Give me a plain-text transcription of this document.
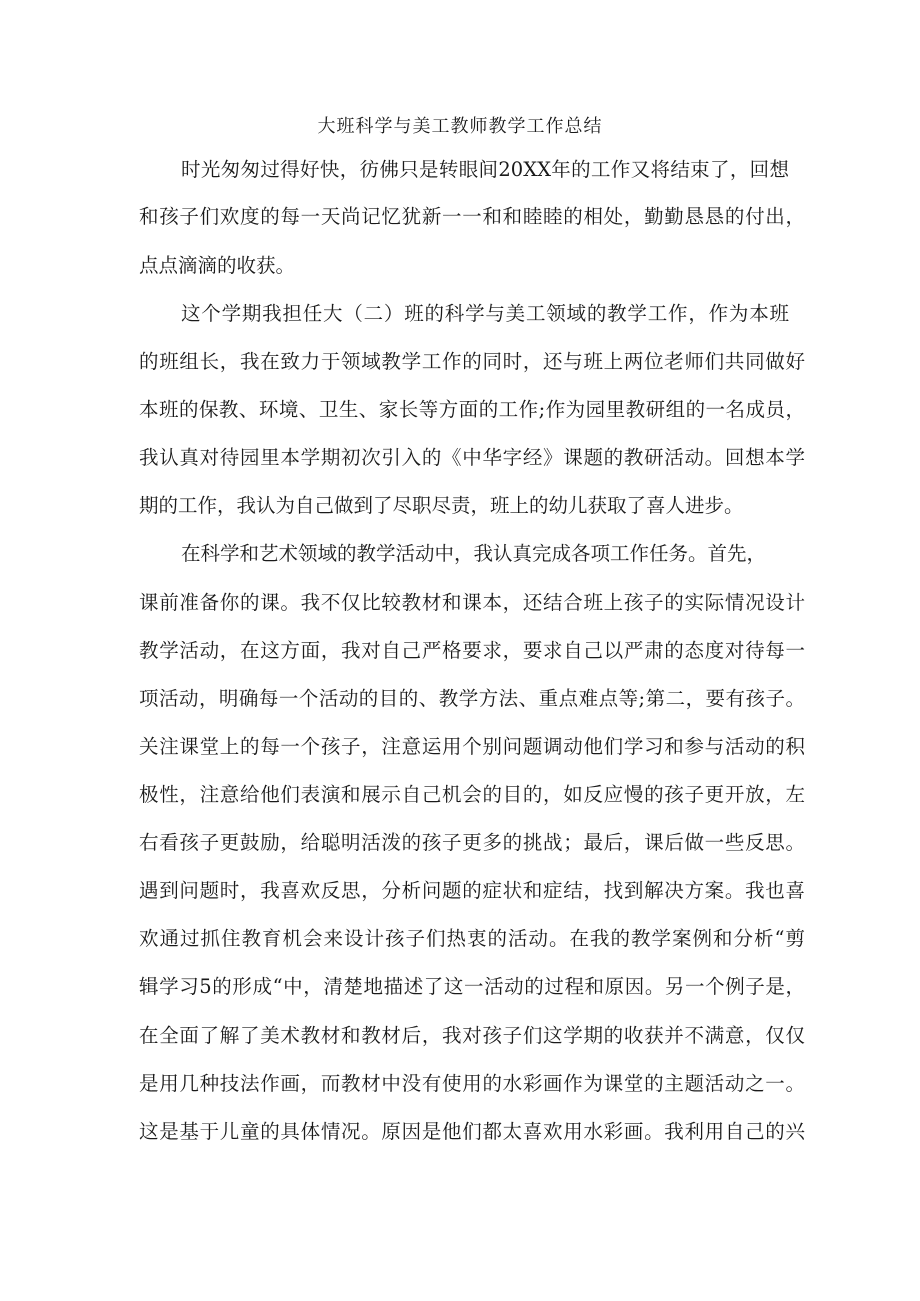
大班科学与美工教师教学工作总结
时光匆匆过得好快，彷佛只是转眼间20XX年的工作又将结束了，回想
和孩子们欢度的每一天尚记忆犹新一一和和睦睦的相处，勤勤恳恳的付出，
点点滴滴的收获。
这个学期我担任大（二）班的科学与美工领域的教学工作，作为本班
的班组长，我在致力于领域教学工作的同时，还与班上两位老师们共同做好
本班的保教、环境、卫生、家长等方面的工作;作为园里教研组的一名成员，
我认真对待园里本学期初次引入的《中华字经》课题的教研活动。回想本学
期的工作，我认为自己做到了尽职尽责，班上的幼儿获取了喜人进步。
在科学和艺术领域的教学活动中，我认真完成各项工作任务。首先，
课前准备你的课。我不仅比较教材和课本，还结合班上孩子的实际情况设计
教学活动，在这方面，我对自己严格要求，要求自己以严肃的态度对待每一
项活动，明确每一个活动的目的、教学方法、重点难点等;第二，要有孩子。
关注课堂上的每一个孩子，注意运用个别问题调动他们学习和参与活动的积
极性，注意给他们表演和展示自己机会的目的，如反应慢的孩子更开放，左
右看孩子更鼓励，给聪明活泼的孩子更多的挑战；最后，课后做一些反思。
遇到问题时，我喜欢反思，分析问题的症状和症结，找到解决方案。我也喜
欢通过抓住教育机会来设计孩子们热衷的活动。在我的教学案例和分析“剪
辑学习5的形成“中，清楚地描述了这一活动的过程和原因。另一个例子是，
在全面了解了美术教材和教材后，我对孩子们这学期的收获并不满意，仅仅
是用几种技法作画，而教材中没有使用的水彩画作为课堂的主题活动之一。
这是基于儿童的具体情况。原因是他们都太喜欢用水彩画。我利用自己的兴
